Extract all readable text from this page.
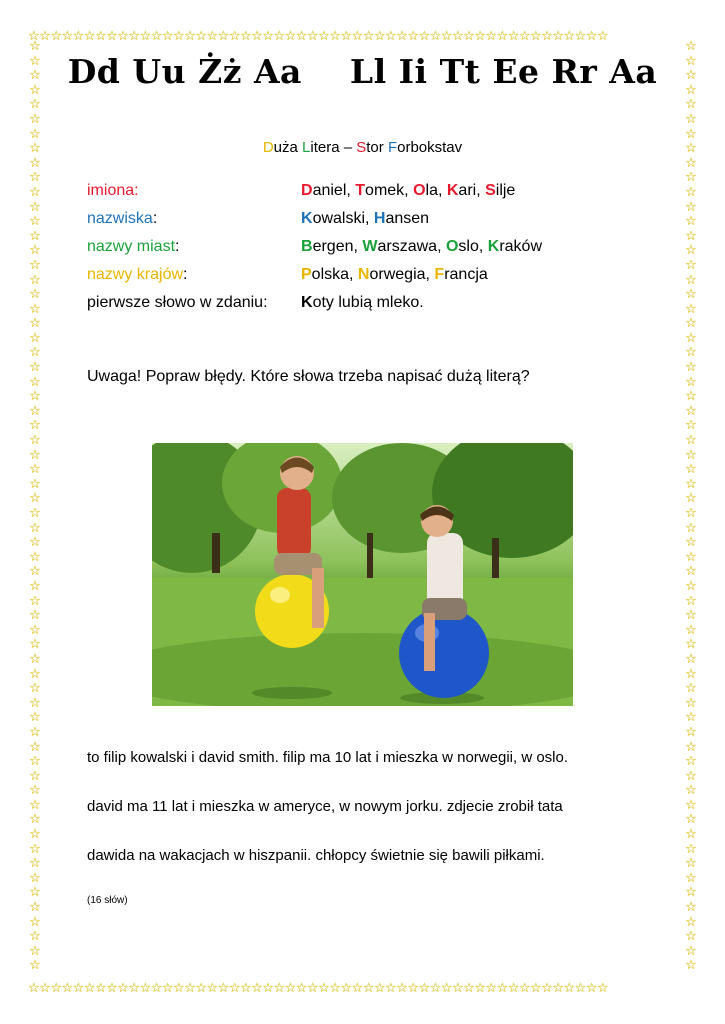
☆☆☆☆☆☆☆☆☆☆☆☆☆☆☆☆☆☆☆☆☆☆☆☆☆☆☆☆☆☆☆☆☆☆☆☆☆☆☆☆☆☆☆☆☆☆☆☆☆☆☆☆
☆☆☆☆☆☆☆☆☆☆☆☆☆☆☆☆☆☆☆☆☆☆☆☆☆☆☆☆☆☆☆☆☆☆☆☆☆☆☆☆☆☆☆☆☆☆☆☆☆☆☆☆
☆☆☆☆☆☆☆☆☆☆☆☆☆☆☆☆☆☆☆☆☆☆☆☆☆☆☆☆☆☆☆☆☆☆☆☆☆☆☆☆☆☆☆☆☆☆☆☆☆☆☆☆☆☆☆☆☆☆☆☆☆☆☆☆
☆☆☆☆☆☆☆☆☆☆☆☆☆☆☆☆☆☆☆☆☆☆☆☆☆☆☆☆☆☆☆☆☆☆☆☆☆☆☆☆☆☆☆☆☆☆☆☆☆☆☆☆☆☆☆☆☆☆☆☆☆☆☆☆
Dd Uu Żż Aa    Ll Ii Tt Ee Rr Aa
Duża Litera – Stor Forbokstav
imiona:	Daniel, Tomek, Ola, Kari, Silje
nazwiska:	Kowalski, Hansen
nazwy miast:	Bergen, Warszawa, Oslo, Kraków
nazwy krajów:	Polska, Norwegia, Francja
pierwsze słowo w zdaniu:	Koty lubią mleko.
Uwaga! Popraw błędy. Które słowa trzeba napisać dużą literą?

to filip kowalski i david smith. filip ma 10 lat i mieszka w norwegii, w oslo.

david ma 11 lat i mieszka w ameryce, w nowym jorku. zdjecie zrobił tata

dawida na wakacjach w hiszpanii. chłopcy świetnie się bawili piłkami.

(16 słów)
